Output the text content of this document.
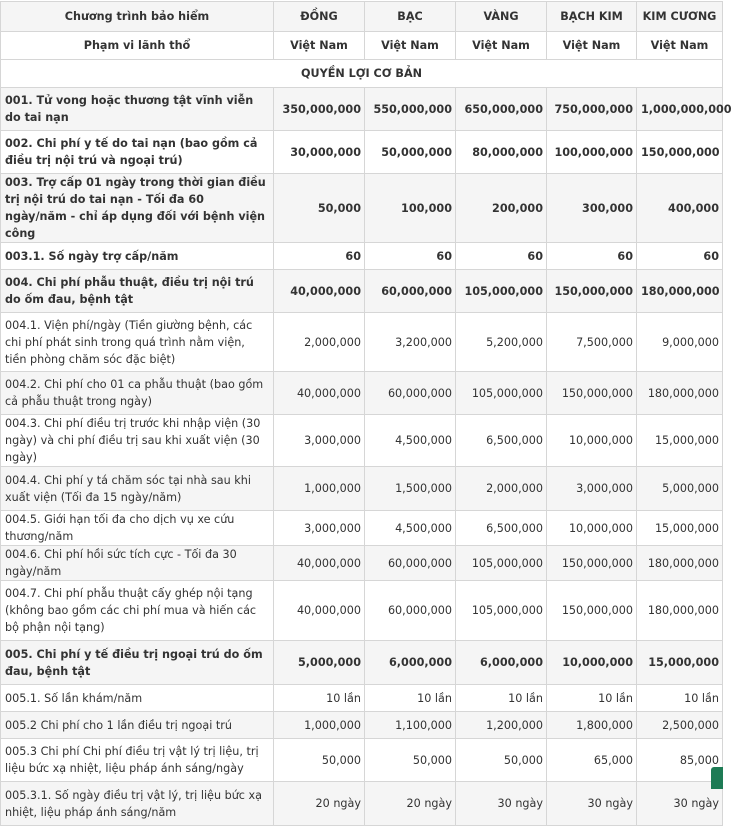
Chương trình bảo hiểm	ĐỒNG	BẠC	VÀNG	BẠCH KIM	KIM CƯƠNG
Phạm vi lãnh thổ	Việt Nam	Việt Nam	Việt Nam	Việt Nam	Việt Nam
QUYỀN LỢI CƠ BẢN					
001. Tử vong hoặc thương tật vĩnh viễn do tai nạn	350,000,000	550,000,000	650,000,000	750,000,000	1,000,000,000
002. Chi phí y tế do tai nạn (bao gồm cả điều trị nội trú và ngoại trú)	30,000,000	50,000,000	80,000,000	100,000,000	150,000,000
003. Trợ cấp 01 ngày trong thời gian điều trị nội trú do tai nạn - Tối đa 60 ngày/năm - chỉ áp dụng đối với bệnh viện công	50,000	100,000	200,000	300,000	400,000
003.1. Số ngày trợ cấp/năm	60	60	60	60	60
004. Chi phí phẫu thuật, điều trị nội trú do ốm đau, bệnh tật	40,000,000	60,000,000	105,000,000	150,000,000	180,000,000
004.1. Viện phí/ngày (Tiền giường bệnh, các chi phí phát sinh trong quá trình nằm viện, tiền phòng chăm sóc đặc biệt)	2,000,000	3,200,000	5,200,000	7,500,000	9,000,000
004.2. Chi phí cho 01 ca phẫu thuật (bao gồm cả phẫu thuật trong ngày)	40,000,000	60,000,000	105,000,000	150,000,000	180,000,000
004.3. Chi phí điều trị trước khi nhập viện (30 ngày) và chi phí điều trị sau khi xuất viện (30 ngày)	3,000,000	4,500,000	6,500,000	10,000,000	15,000,000
004.4. Chi phí y tá chăm sóc tại nhà sau khi xuất viện (Tối đa 15 ngày/năm)	1,000,000	1,500,000	2,000,000	3,000,000	5,000,000
004.5. Giới hạn tối đa cho dịch vụ xe cứu thương/năm	3,000,000	4,500,000	6,500,000	10,000,000	15,000,000
004.6. Chi phí hồi sức tích cực - Tối đa 30 ngày/năm	40,000,000	60,000,000	105,000,000	150,000,000	180,000,000
004.7. Chi phí phẫu thuật cấy ghép nội tạng (không bao gồm các chi phí mua và hiến các bộ phận nội tạng)	40,000,000	60,000,000	105,000,000	150,000,000	180,000,000
005. Chi phí y tế điều trị ngoại trú do ốm đau, bệnh tật	5,000,000	6,000,000	6,000,000	10,000,000	15,000,000
005.1. Số lần khám/năm	10 lần	10 lần	10 lần	10 lần	10 lần
005.2 Chi phí cho 1 lần điều trị ngoại trú	1,000,000	1,100,000	1,200,000	1,800,000	2,500,000
005.3 Chi phí Chi phí điều trị vật lý trị liệu, trị liệu bức xạ nhiệt, liệu pháp ánh sáng/ngày	50,000	50,000	50,000	65,000	85,000
005.3.1. Số ngày điều trị vật lý, trị liệu bức xạ nhiệt, liệu pháp ánh sáng/năm	20 ngày	20 ngày	30 ngày	30 ngày	30 ngày
